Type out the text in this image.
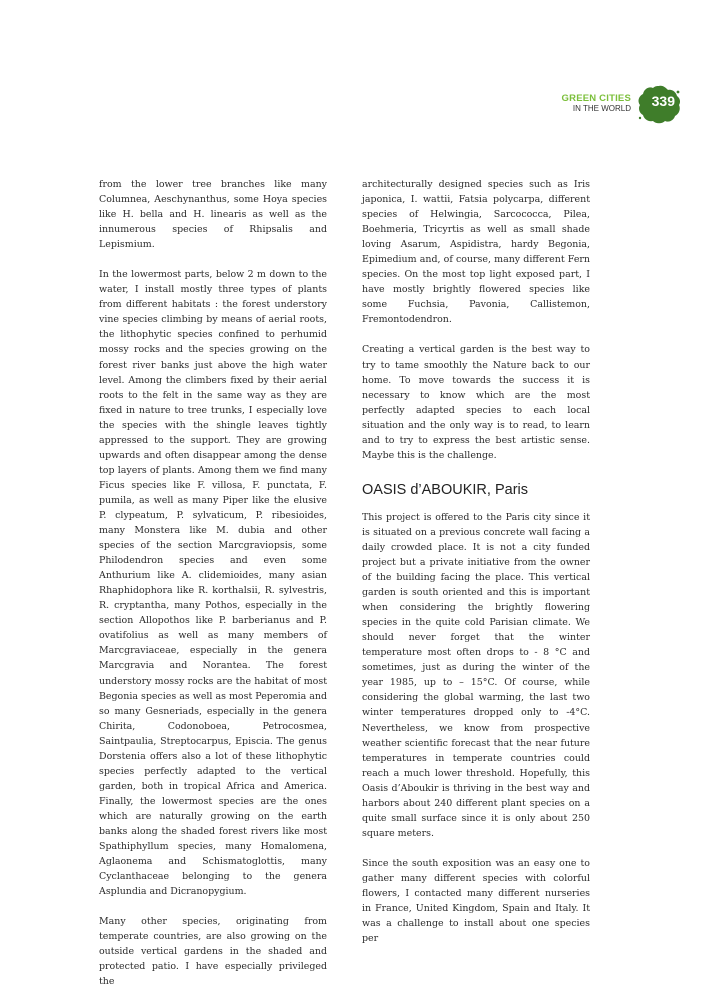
GREEN CITIES
IN THE WORLD 339

from the lower tree branches like many Columnea, Aeschynanthus, some Hoya species like H. bella and H. linearis as well as the innumerous species of Rhipsalis and Lepismium.

In the lowermost parts, below 2 m down to the water, I install mostly three types of plants from different habitats : the forest understory vine species climbing by means of aerial roots, the lithophytic species confined to perhumid mossy rocks and the species growing on the forest river banks just above the high water level. Among the climbers fixed by their aerial roots to the felt in the same way as they are fixed in nature to tree trunks, I especially love the species with the shingle leaves tightly appressed to the support. They are growing upwards and often disappear among the dense top layers of plants. Among them we find many Ficus species like F. villosa, F. punctata, F. pumila, as well as many Piper like the elusive P. clypeatum, P. sylvaticum, P. ribesioides, many Monstera like M. dubia and other species of the section Marcgraviopsis, some Philodendron species and even some Anthurium like A. clidemioides, many asian Rhaphidophora like R. korthalsii, R. sylvestris, R. cryptantha, many Pothos, especially in the section Allopothos like P. barberianus and P. ovatifolius as well as many members of Marcgraviaceae, especially in the genera Marcgravia and Norantea. The forest understory mossy rocks are the habitat of most Begonia species as well as most Peperomia and so many Gesneriads, especially in the genera Chirita, Codonoboea, Petrocosmea, Saintpaulia, Streptocarpus, Episcia. The genus Dorstenia offers also a lot of these lithophytic species perfectly adapted to the vertical garden, both in tropical Africa and America. Finally, the lowermost species are the ones which are naturally growing on the earth banks along the shaded forest rivers like most Spathiphyllum species, many Homalomena, Aglaonema and Schismatoglottis, many Cyclanthaceae belonging to the genera Asplundia and Dicranopygium.

Many other species, originating from temperate countries, are also growing on the outside vertical gardens in the shaded and protected patio. I have especially privileged the

architecturally designed species such as Iris japonica, I. wattii, Fatsia polycarpa, different species of Helwingia, Sarcococca, Pilea, Boehmeria, Tricyrtis as well as small shade loving Asarum, Aspidistra, hardy Begonia, Epimedium and, of course, many different Fern species. On the most top light exposed part, I have mostly brightly flowered species like some Fuchsia, Pavonia, Callistemon, Fremontodendron.

Creating a vertical garden is the best way to try to tame smoothly the Nature back to our home. To move towards the success it is necessary to know which are the most perfectly adapted species to each local situation and the only way is to read, to learn and to try to express the best artistic sense. Maybe this is the challenge.

OASIS d’ABOUKIR, Paris

This project is offered to the Paris city since it is situated on a previous concrete wall facing a daily crowded place. It is not a city funded project but a private initiative from the owner of the building facing the place. This vertical garden is south oriented and this is important when considering the brightly flowering species in the quite cold Parisian climate. We should never forget that the winter temperature most often drops to - 8 °C and sometimes, just as during the winter of the year 1985, up to – 15°C. Of course, while considering the global warming, the last two winter temperatures dropped only to -4°C. Nevertheless, we know from prospective weather scientific forecast that the near future temperatures in temperate countries could reach a much lower threshold. Hopefully, this Oasis d’Aboukir is thriving in the best way and harbors about 240 different plant species on a quite small surface since it is only about 250 square meters.

Since the south exposition was an easy one to gather many different species with colorful flowers, I contacted many different nurseries in France, United Kingdom, Spain and Italy. It was a challenge to install about one species per
